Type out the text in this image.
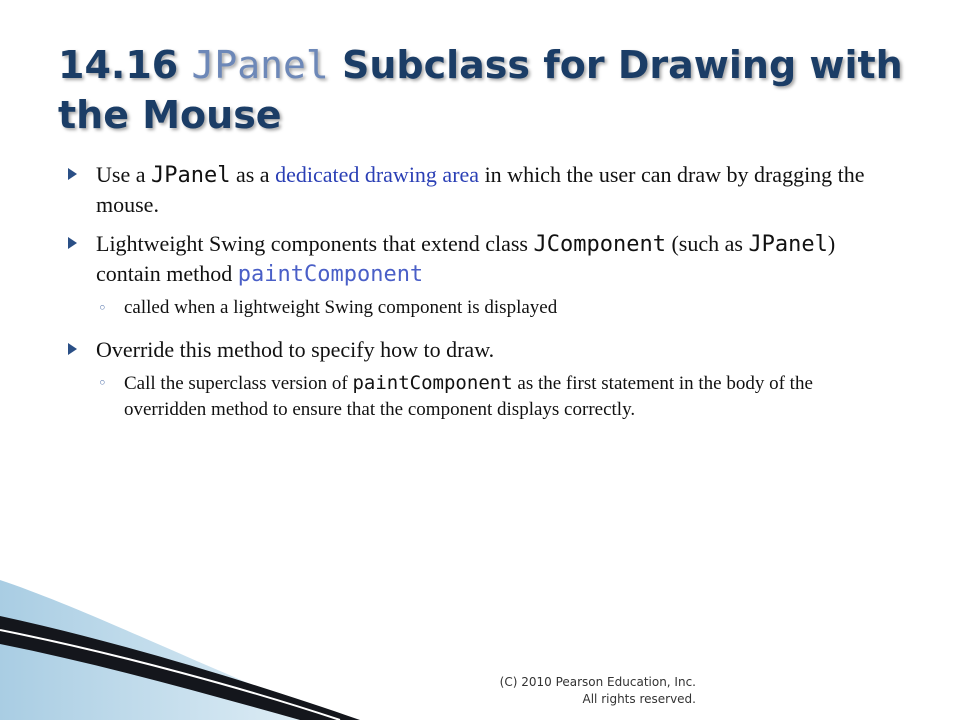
14.16 JPanel Subclass for Drawing with the Mouse
Use a JPanel as a dedicated drawing area in which the user can draw by dragging the mouse.
Lightweight Swing components that extend class JComponent (such as JPanel) contain method paintComponent
◦ called when a lightweight Swing component is displayed
Override this method to specify how to draw.
◦ Call the superclass version of paintComponent as the first statement in the body of the overridden method to ensure that the component displays correctly.
(C) 2010 Pearson Education, Inc.
All rights reserved.
